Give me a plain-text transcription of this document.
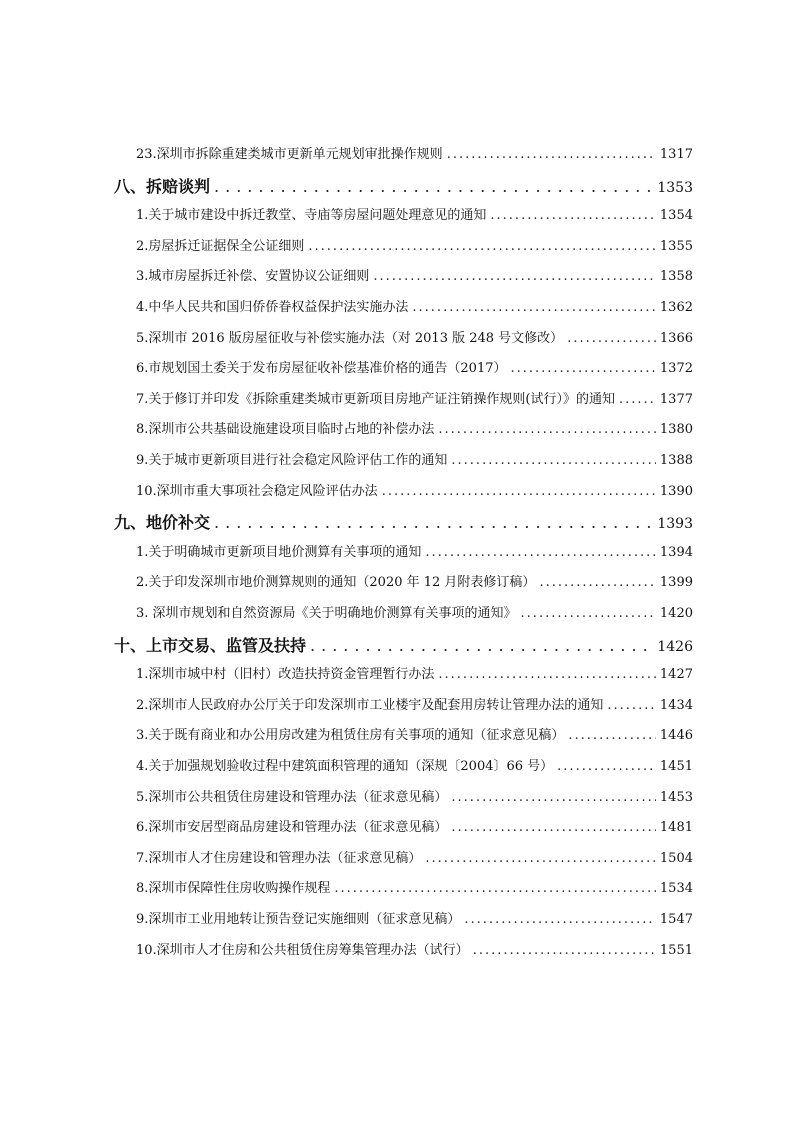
23.深圳市拆除重建类城市更新单元规划审批操作规则 .....	1317
八、拆赔谈判 .....	1353
1.关于城市建设中拆迁教堂、寺庙等房屋问题处理意见的通知 .....	1354
2.房屋拆迁证据保全公证细则 .....	1355
3.城市房屋拆迁补偿、安置协议公证细则 .....	1358
4.中华人民共和国归侨侨眷权益保护法实施办法 .....	1362
5.深圳市 2016 版房屋征收与补偿实施办法（对 2013 版 248 号文修改） .....	1366
6.市规划国土委关于发布房屋征收补偿基准价格的通告（2017） .....	1372
7.关于修订并印发《拆除重建类城市更新项目房地产证注销操作规则(试行）》的通知 .....	1377
8.深圳市公共基础设施建设项目临时占地的补偿办法 .....	1380
9.关于城市更新项目进行社会稳定风险评估工作的通知 .....	1388
10.深圳市重大事项社会稳定风险评估办法 .....	1390
九、地价补交 .....	1393
1.关于明确城市更新项目地价测算有关事项的通知 .....	1394
2.关于印发深圳市地价测算规则的通知（2020 年 12 月附表修订稿） .....	1399
3. 深圳市规划和自然资源局《关于明确地价测算有关事项的通知》 .....	1420
十、上市交易、监管及扶持 .....	1426
1.深圳市城中村（旧村）改造扶持资金管理暂行办法 .....	1427
2.深圳市人民政府办公厅关于印发深圳市工业楼宇及配套用房转让管理办法的通知 .....	1434
3.关于既有商业和办公用房改建为租赁住房有关事项的通知（征求意见稿） .....	1446
4.关于加强规划验收过程中建筑面积管理的通知（深规〔2004〕66 号） .....	1451
5.深圳市公共租赁住房建设和管理办法（征求意见稿） .....	1453
6.深圳市安居型商品房建设和管理办法（征求意见稿） .....	1481
7.深圳市人才住房建设和管理办法（征求意见稿） .....	1504
8.深圳市保障性住房收购操作规程 .....	1534
9.深圳市工业用地转让预告登记实施细则（征求意见稿） .....	1547
10.深圳市人才住房和公共租赁住房筹集管理办法（试行） .....	1551
